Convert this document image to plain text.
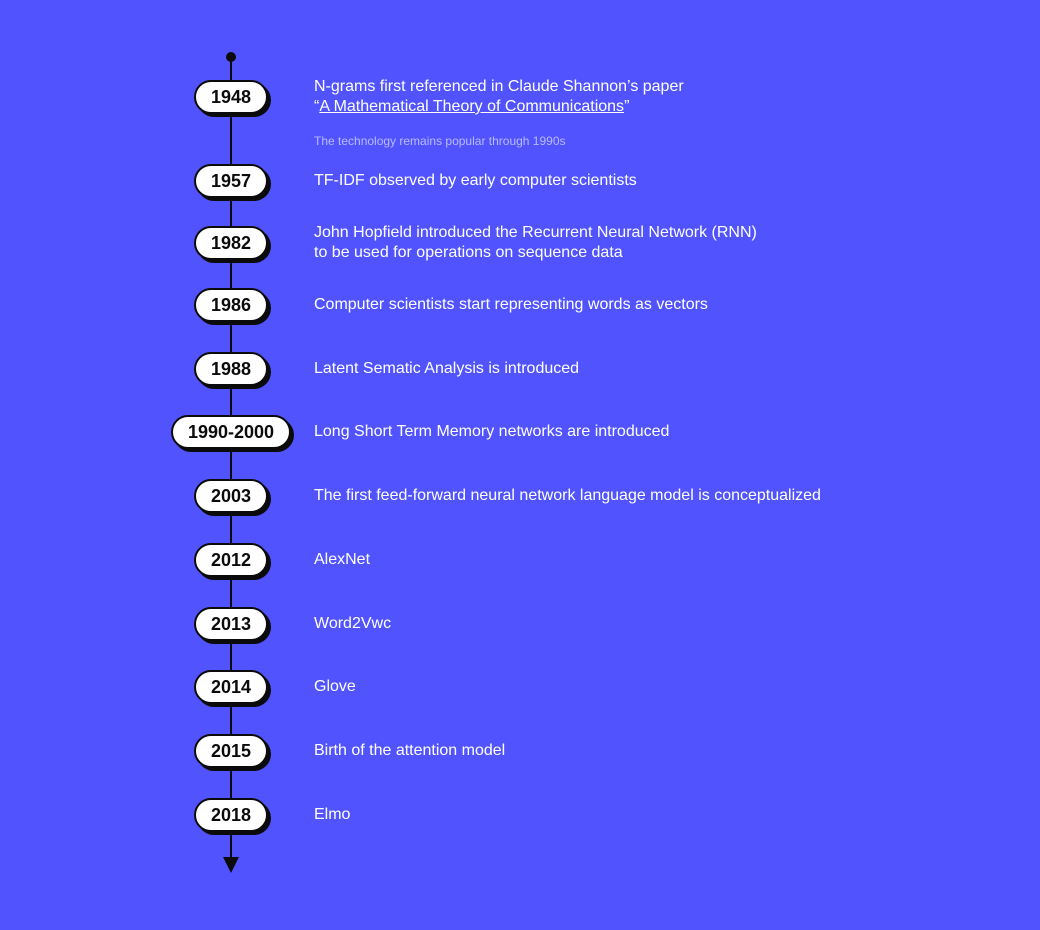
The technology remains popular through 1990s
1948	N-grams first referenced in Claude Shannon’s paper
“A Mathematical Theory of Communications”
1957	TF-IDF observed by early computer scientists
1982	John Hopfield introduced the Recurrent Neural Network (RNN)
to be used for operations on sequence data
1986	Computer scientists start representing words as vectors
1988	Latent Sematic Analysis is introduced
1990-2000	Long Short Term Memory networks are introduced
2003	The first feed-forward neural network language model is conceptualized
2012	AlexNet
2013	Word2Vwc
2014	Glove
2015	Birth of the attention model
2018	Elmo
